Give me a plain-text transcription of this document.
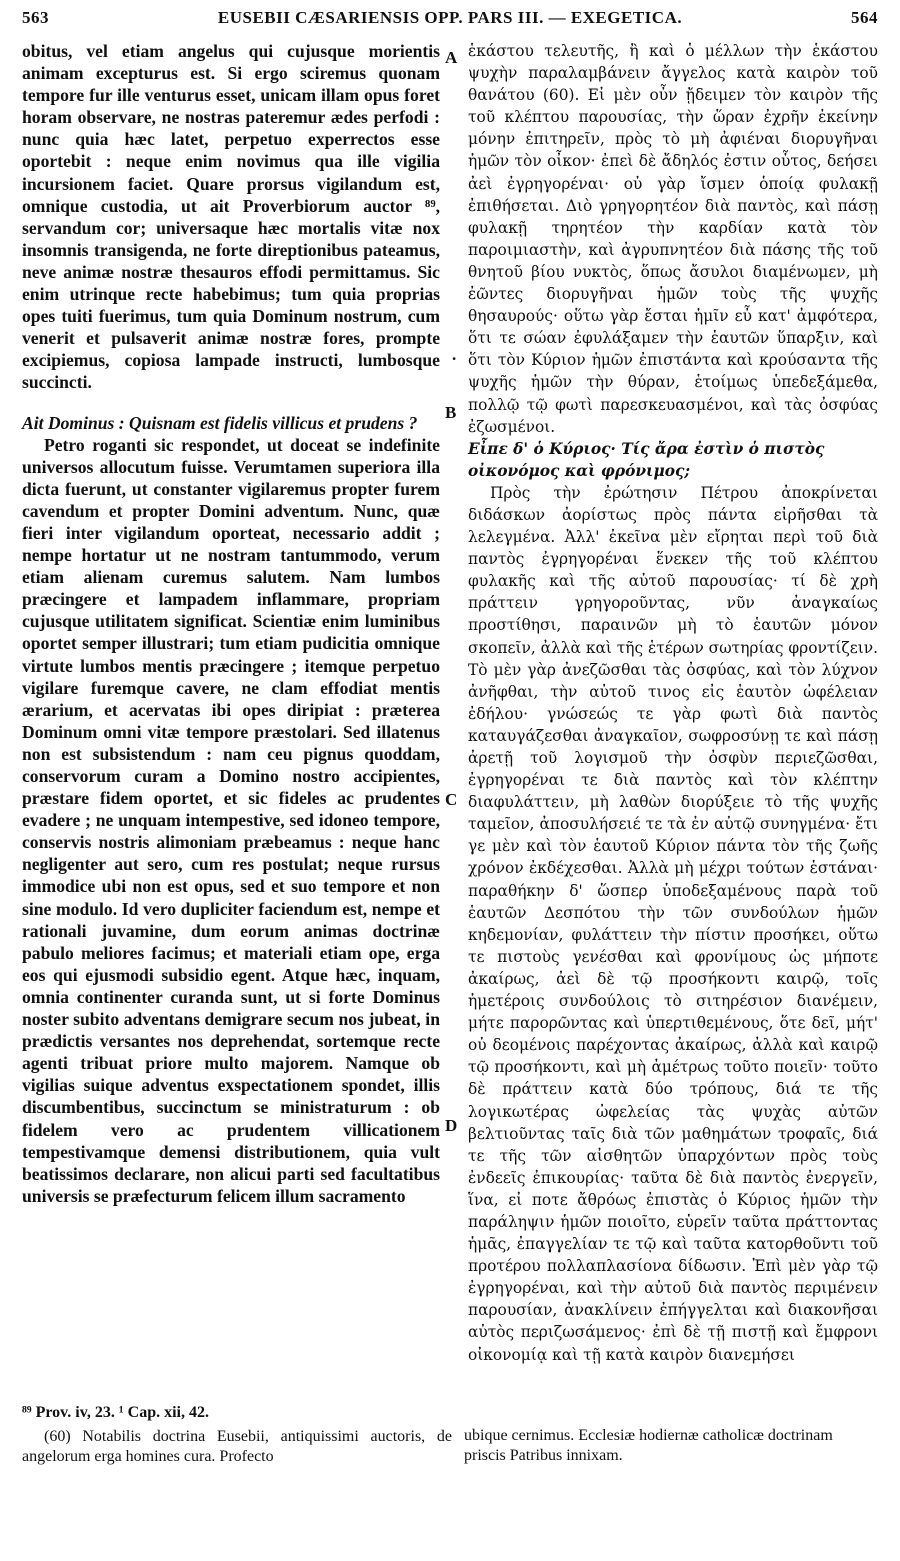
563	EUSEBII CÆSARIENSIS OPP. PARS III. — EXEGETICA.	564

obitus, vel etiam angelus qui cujusque morientis animam excepturus est. Si ergo sciremus quonam tempore fur ille venturus esset, unicam illam opus foret horam observare, ne nostras pateremur ædes perfodi : nunc quia hæc latet, perpetuo experrectos esse oportebit : neque enim novimus qua ille vigilia incursionem faciet. Quare prorsus vigilandum est, omnique custodia, ut ait Proverbiorum auctor ⁸⁹, servandum cor; universaque hæc mortalis vitæ nox insomnis transigenda, ne forte direptionibus pateamus, neve animæ nostræ thesauros effodi permittamus. Sic enim utrinque recte habebimus; tum quia proprias opes tuiti fuerimus, tum quia Dominum nostrum, cum venerit et pulsaverit animæ nostræ fores, prompte excipiemus, copiosa lampade instructi, lumbosque succincti.

Ait Dominus : Quisnam est fidelis villicus et prudens ?

Petro roganti sic respondet, ut doceat se indefinite universos allocutum fuisse. Verumtamen superiora illa dicta fuerunt, ut constanter vigilaremus propter furem cavendum et propter Domini adventum. Nunc, quæ fieri inter vigilandum oporteat, necessario addit ; nempe hortatur ut ne nostram tantummodo, verum etiam alienam curemus salutem. Nam lumbos præcingere et lampadem inflammare, propriam cujusque utilitatem significat. Scientiæ enim luminibus oportet semper illustrari; tum etiam pudicitia omnique virtute lumbos mentis præcingere ; itemque perpetuo vigilare furemque cavere, ne clam effodiat mentis ærarium, et acervatas ibi opes diripiat : præterea Dominum omni vitæ tempore præstolari. Sed illatenus non est subsistendum : nam ceu pignus quoddam, conservorum curam a Domino nostro accipientes, præstare fidem oportet, et sic fideles ac prudentes evadere ; ne unquam intempestive, sed idoneo tempore, conservis nostris alimoniam præbeamus : neque hanc negligenter aut sero, cum res postulat; neque rursus immodice ubi non est opus, sed et suo tempore et non sine modulo. Id vero dupliciter faciendum est, nempe et rationali juvamine, dum eorum animas doctrinæ pabulo meliores facimus; et materiali etiam ope, erga eos qui ejusmodi subsidio egent. Atque hæc, inquam, omnia continenter curanda sunt, ut si forte Dominus noster subito adventans demigrare secum nos jubeat, in prædictis versantes nos deprehendat, sortemque recte agenti tribuat priore multo majorem. Namque ob vigilias suique adventus exspectationem spondet, illis discumbentibus, succinctum se ministraturum : ob fidelem vero ac prudentem villicationem tempestivamque demensi distributionem, quia vult beatissimos declarare, non alicui parti sed facultatibus universis se præfecturum felicem illum sacramento

A
.
B
C
D

ἑκάστου τελευτῆς, ἢ καὶ ὁ μέλλων τὴν ἑκάστου ψυχὴν παραλαμβάνειν ἄγγελος κατὰ καιρὸν τοῦ θανάτου (60). Εἰ μὲν οὖν ᾔδειμεν τὸν καιρὸν τῆς τοῦ κλέπτου παρουσίας, τὴν ὥραν ἐχρῆν ἐκείνην μόνην ἐπιτηρεῖν, πρὸς τὸ μὴ ἀφιέναι διορυγῆναι ἡμῶν τὸν οἶκον· ἐπεὶ δὲ ἄδηλός ἐστιν οὗτος, δεήσει ἀεὶ ἐγρηγορέναι· οὐ γὰρ ἴσμεν ὁποίᾳ φυλακῇ ἐπιθήσεται. Διὸ γρηγορητέον διὰ παντὸς, καὶ πάσῃ φυλακῇ τηρητέον τὴν καρδίαν κατὰ τὸν παροιμιαστὴν, καὶ ἀγρυπνητέον διὰ πάσης τῆς τοῦ θνητοῦ βίου νυκτὸς, ὅπως ἄσυλοι διαμένωμεν, μὴ ἐῶντες διορυγῆναι ἡμῶν τοὺς τῆς ψυχῆς θησαυρούς· οὕτω γὰρ ἔσται ἡμῖν εὖ κατ' ἀμφότερα, ὅτι τε σώαν ἐφυλάξαμεν τὴν ἑαυτῶν ὕπαρξιν, καὶ ὅτι τὸν Κύριον ἡμῶν ἐπιστάντα καὶ κρούσαντα τῆς ψυχῆς ἡμῶν τὴν θύραν, ἑτοίμως ὑπεδεξάμεθα, πολλῷ τῷ φωτὶ παρεσκευασμένοι, καὶ τὰς ὀσφύας ἐζωσμένοι.

Εἶπε δ' ὁ Κύριος· Τίς ἄρα ἐστὶν ὁ πιστὸς οἰκονόμος καὶ φρόνιμος;

Πρὸς τὴν ἐρώτησιν Πέτρου ἀποκρίνεται διδάσκων ἀορίστως πρὸς πάντα εἰρῆσθαι τὰ λελεγμένα. Ἀλλ' ἐκεῖνα μὲν εἴρηται περὶ τοῦ διὰ παντὸς ἐγρηγορέναι ἕνεκεν τῆς τοῦ κλέπτου φυλακῆς καὶ τῆς αὐτοῦ παρουσίας· τί δὲ χρὴ πράττειν γρηγοροῦντας, νῦν ἀναγκαίως προστίθησι, παραινῶν μὴ τὸ ἑαυτῶν μόνον σκοπεῖν, ἀλλὰ καὶ τῆς ἑτέρων σωτηρίας φροντίζειν. Τὸ μὲν γὰρ ἀνεζῶσθαι τὰς ὀσφύας, καὶ τὸν λύχνον ἀνῆφθαι, τὴν αὐτοῦ τινος εἰς ἑαυτὸν ὠφέλειαν ἐδήλου· γνώσεώς τε γὰρ φωτὶ διὰ παντὸς καταυγάζεσθαι ἀναγκαῖον, σωφροσύνῃ τε καὶ πάσῃ ἀρετῇ τοῦ λογισμοῦ τὴν ὀσφὺν περιεζῶσθαι, ἐγρηγορέναι τε διὰ παντὸς καὶ τὸν κλέπτην διαφυλάττειν, μὴ λαθὼν διορύξειε τὸ τῆς ψυχῆς ταμεῖον, ἀποσυλήσειέ τε τὰ ἐν αὐτῷ συνηγμένα· ἔτι γε μὲν καὶ τὸν ἑαυτοῦ Κύριον πάντα τὸν τῆς ζωῆς χρόνον ἐκδέχεσθαι. Ἀλλὰ μὴ μέχρι τούτων ἑστάναι· παραθήκην δ' ὥσπερ ὑποδεξαμένους παρὰ τοῦ ἑαυτῶν Δεσπότου τὴν τῶν συνδούλων ἡμῶν κηδεμονίαν, φυλάττειν τὴν πίστιν προσήκει, οὕτω τε πιστοὺς γενέσθαι καὶ φρονίμους ὡς μήποτε ἀκαίρως, ἀεὶ δὲ τῷ προσήκοντι καιρῷ, τοῖς ἡμετέροις συνδούλοις τὸ σιτηρέσιον διανέμειν, μήτε παρορῶντας καὶ ὑπερτιθεμένους, ὅτε δεῖ, μήτ' οὐ δεομένοις παρέχοντας ἀκαίρως, ἀλλὰ καὶ καιρῷ τῷ προσήκοντι, καὶ μὴ ἀμέτρως τοῦτο ποιεῖν· τοῦτο δὲ πράττειν κατὰ δύο τρόπους, διά τε τῆς λογικωτέρας ὠφελείας τὰς ψυχὰς αὐτῶν βελτιοῦντας ταῖς διὰ τῶν μαθημάτων τροφαῖς, διά τε τῆς τῶν αἰσθητῶν ὑπαρχόντων πρὸς τοὺς ἐνδεεῖς ἐπικουρίας· ταῦτα δὲ διὰ παντὸς ἐνεργεῖν, ἵνα, εἰ ποτε ἄθρόως ἐπιστὰς ὁ Κύριος ἡμῶν τὴν παράληψιν ἡμῶν ποιοῖτο, εὑρεῖν ταῦτα πράττοντας ἡμᾶς, ἐπαγγελίαν τε τῷ καὶ ταῦτα κατορθοῦντι τοῦ προτέρου πολλαπλασίονα δίδωσιν. Ἐπὶ μὲν γὰρ τῷ ἐγρηγορέναι, καὶ τὴν αὐτοῦ διὰ παντὸς περιμένειν παρουσίαν, ἀνακλίνειν ἐπήγγελται καὶ διακονῆσαι αὐτὸς περιζωσάμενος· ἐπὶ δὲ τῇ πιστῇ καὶ ἔμφρονι οἰκονομίᾳ καὶ τῇ κατὰ καιρὸν διανεμήσει

⁸⁹ Prov. iv, 23. ¹ Cap. xii, 42.

(60) Notabilis doctrina Eusebii, antiquissimi auctoris, de angelorum erga homines cura. Profecto

ubique cernimus. Ecclesiæ hodiernæ catholicæ doctrinam priscis Patribus innixam.
